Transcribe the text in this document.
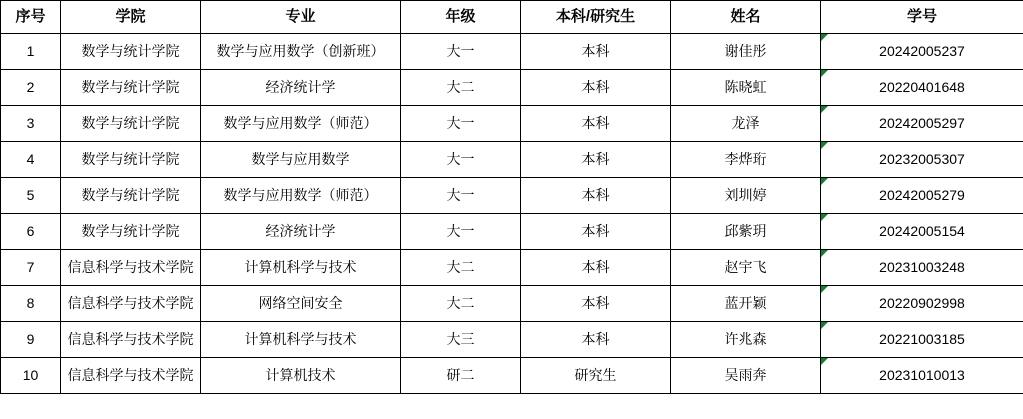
序号	学院	专业	年级	本科/研究生	姓名	学号
1	数学与统计学院	数学与应用数学（创新班）	大一	本科	谢佳彤	20242005237
2	数学与统计学院	经济统计学	大二	本科	陈晓虹	20220401648
3	数学与统计学院	数学与应用数学（师范）	大一	本科	龙泽	20242005297
4	数学与统计学院	数学与应用数学	大一	本科	李烨珩	20232005307
5	数学与统计学院	数学与应用数学（师范）	大一	本科	刘圳婷	20242005279
6	数学与统计学院	经济统计学	大一	本科	邱紫玥	20242005154
7	信息科学与技术学院	计算机科学与技术	大二	本科	赵宇飞	20231003248
8	信息科学与技术学院	网络空间安全	大二	本科	蓝开颖	20220902998
9	信息科学与技术学院	计算机科学与技术	大三	本科	许兆森	20221003185
10	信息科学与技术学院	计算机技术	研二	研究生	吴雨奔	20231010013
